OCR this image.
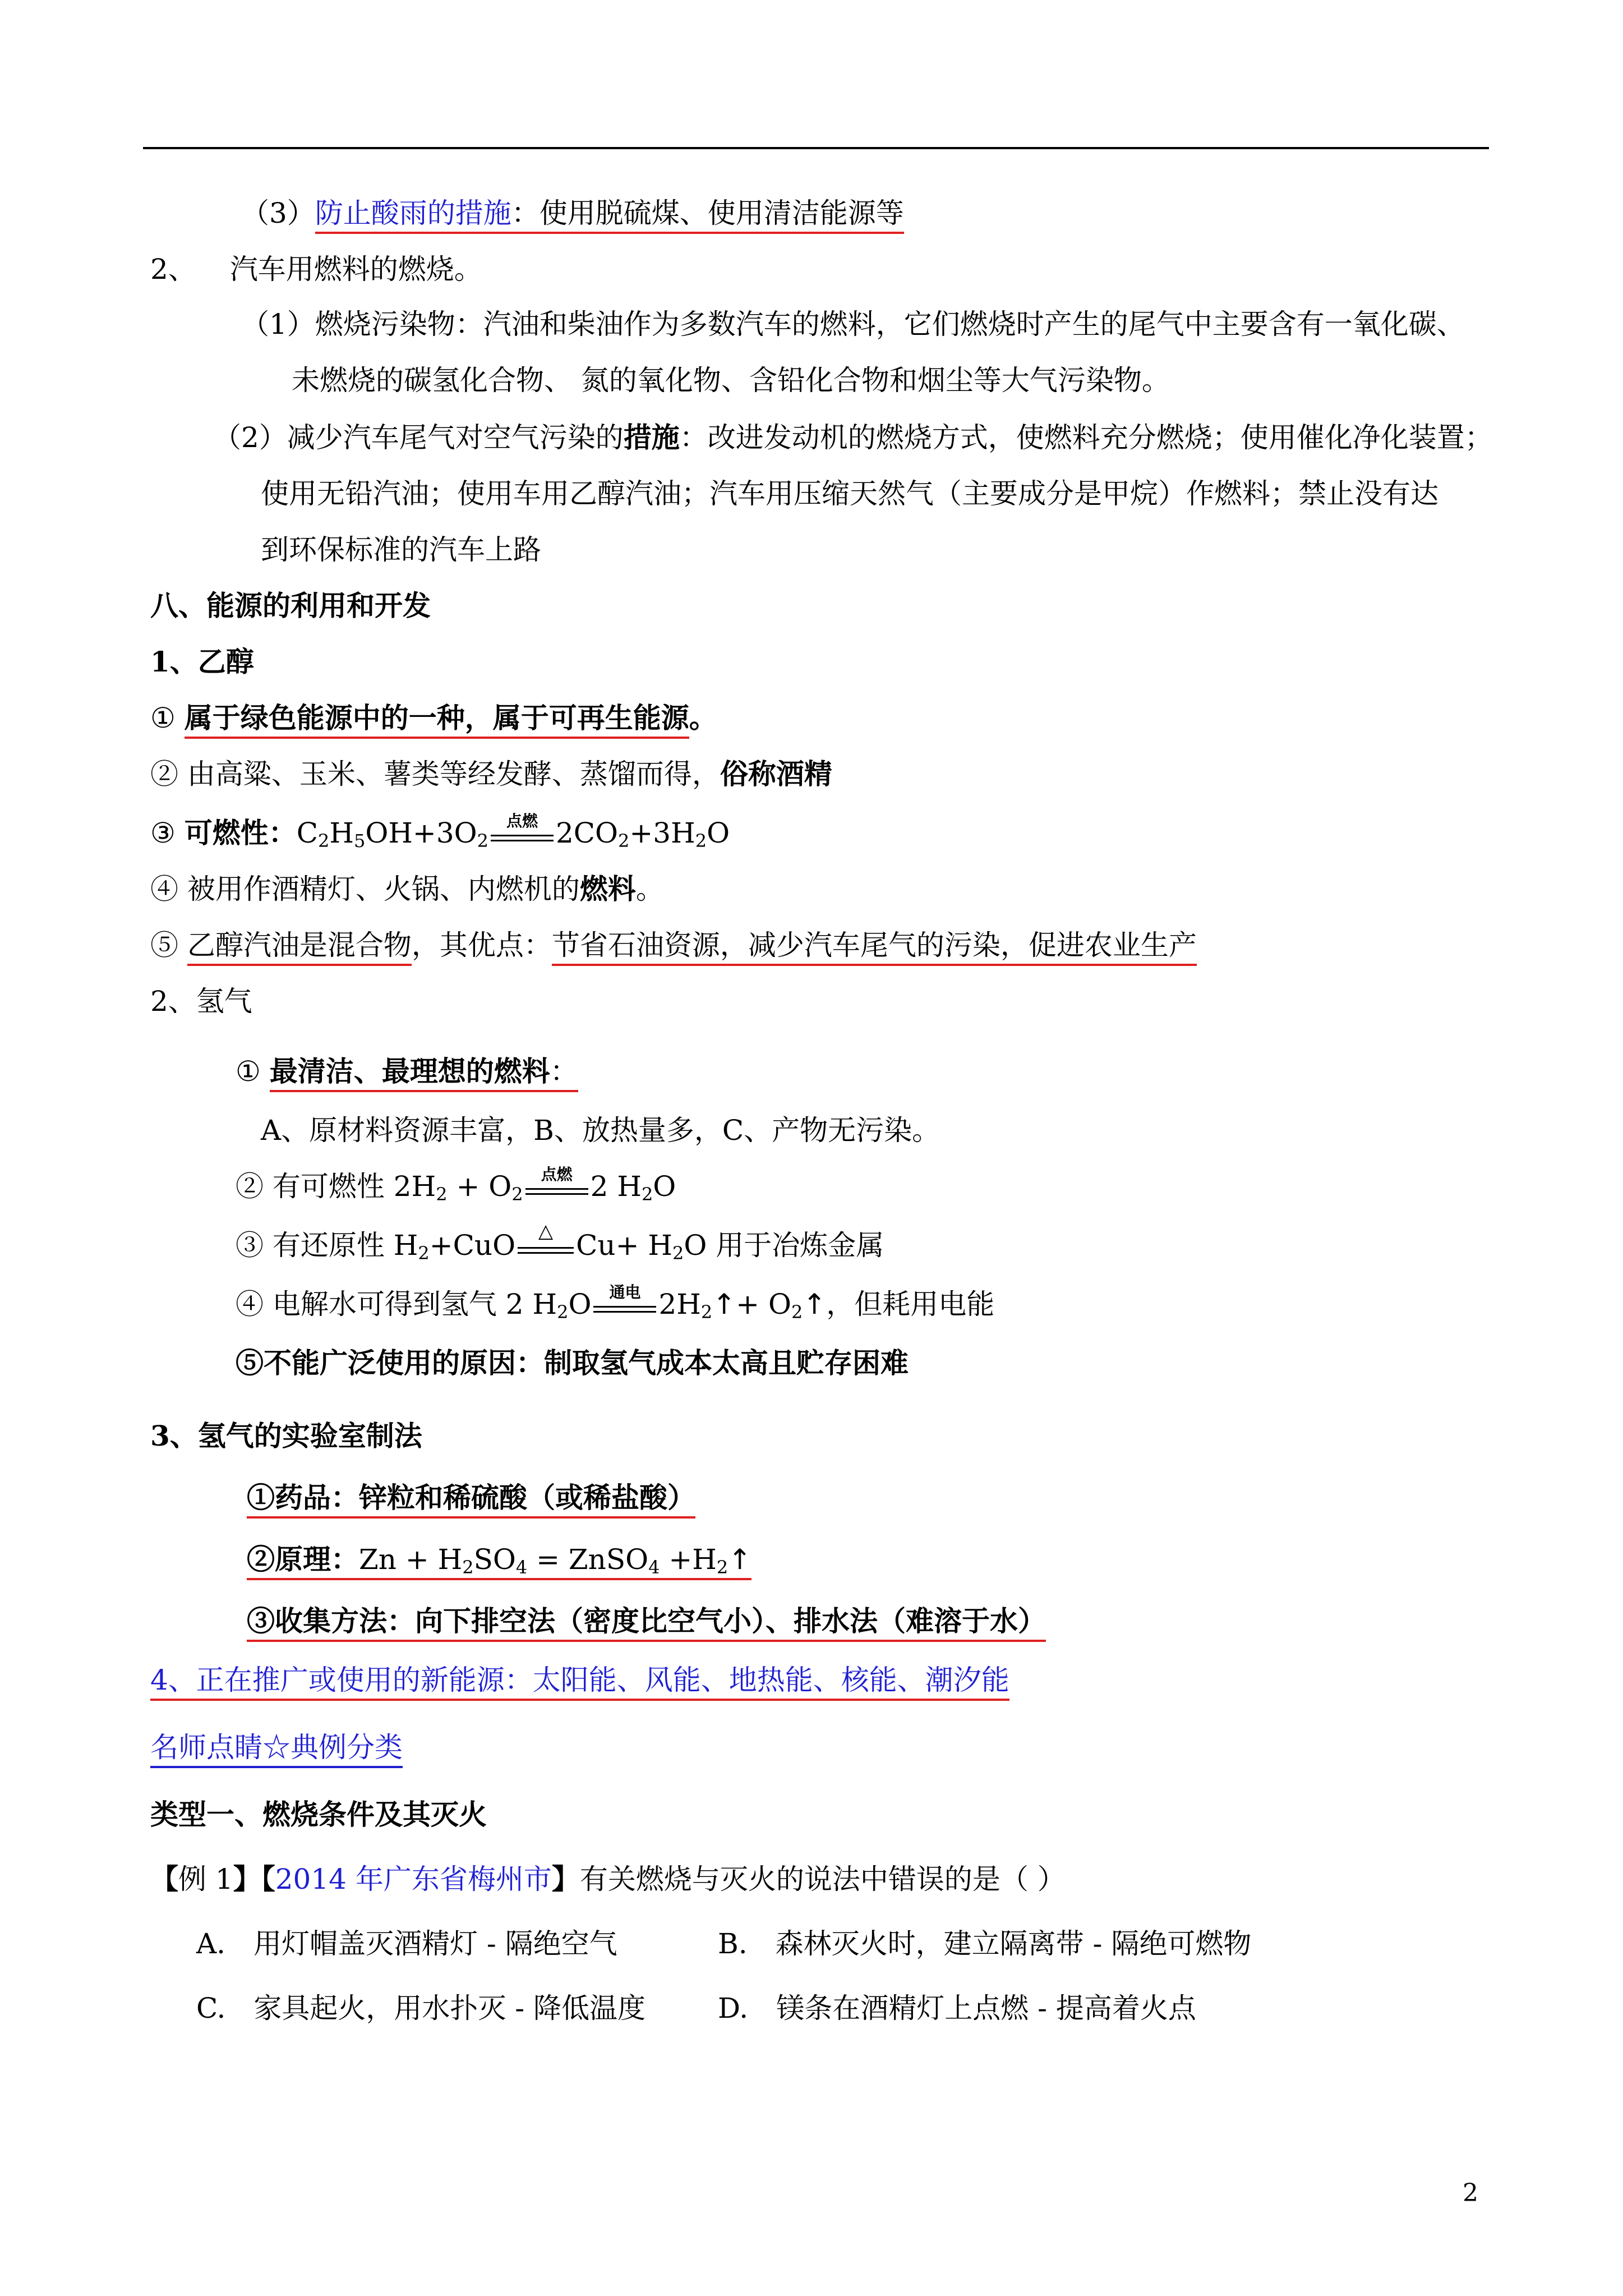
（3）防止酸雨的措施：使用脱硫煤、使用清洁能源等
2、 汽车用燃料的燃烧。
（1）燃烧污染物：汽油和柴油作为多数汽车的燃料，它们燃烧时产生的尾气中主要含有一氧化碳、
未燃烧的碳氢化合物、 氮的氧化物、含铅化合物和烟尘等大气污染物。
（2）减少汽车尾气对空气污染的措施：改进发动机的燃烧方式，使燃料充分燃烧；使用催化净化装置；
使用无铅汽油；使用车用乙醇汽油；汽车用压缩天然气（主要成分是甲烷）作燃料；禁止没有达
到环保标准的汽车上路
八、能源的利用和开发
1、乙醇
① 属于绿色能源中的一种，属于可再生能源。
② 由高粱、玉米、薯类等经发酵、蒸馏而得，俗称酒精
③ 可燃性：$C_2H_5OH+3O_2$
点燃 $2CO_2+3H_2O$
④ 被用作酒精灯、火锅、内燃机的燃料。
⑤ 乙醇汽油是混合物，其优点：节省石油资源，减少汽车尾气的污染，促进农业生产
2、氢气
① 最清洁、最理想的燃料：
A、原材料资源丰富，B、放热量多，C、产物无污染。
② 有可燃性 $2H_2 + O_2$
点燃 2 $H_2O$
③ 有还原性 $H_2+CuO$	△ $Cu+ H_2O$ 用于冶炼金属
④ 电解水可得到氢气 2 $H_2O$	通电 $2H_2↑+$ $O_2↑$，但耗用电能
⑤不能广泛使用的原因：制取氢气成本太高且贮存困难
3、氢气的实验室制法
①药品：锌粒和稀硫酸（或稀盐酸）
②原理：$Zn + H_2SO_4$ = ZnSO$_4$ $+H_2↑$
③收集方法：向下排空法（密度比空气小）、排水法（难溶于水）
4、正在推广或使用的新能源：太阳能、风能、地热能、核能、潮汐能
名师点睛☆典例分类
类型一、燃烧条件及其灭火
【例 1】【2014 年广东省梅州市】有关燃烧与灭火的说法中错误的是（ ）
A. 用灯帽盖灭酒精灯 - 隔绝空气	B. 森林灭火时，建立隔离带 - 隔绝可燃物
C. 家具起火，用水扑灭 - 降低温度	D. 镁条在酒精灯上点燃 - 提高着火点
2
